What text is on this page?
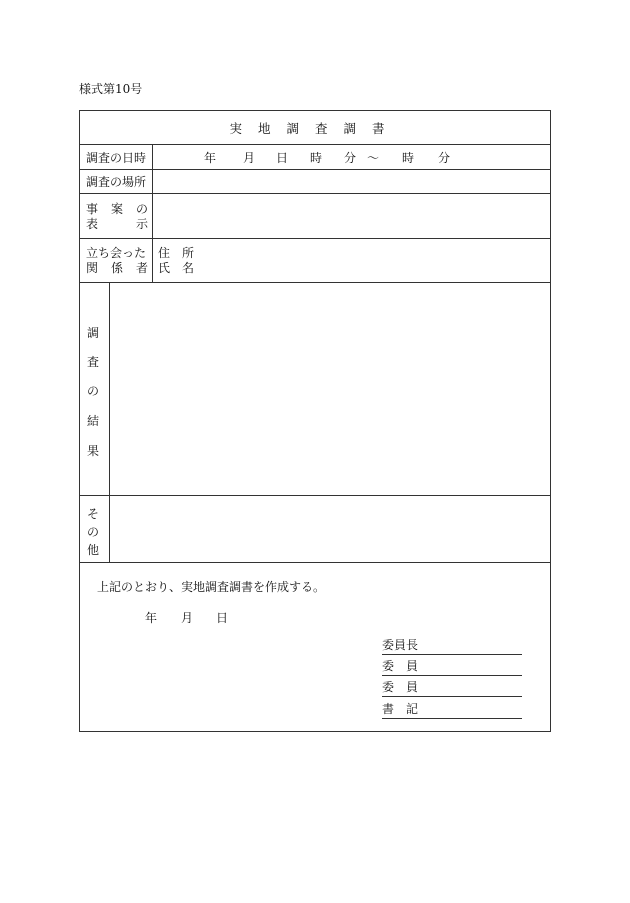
様式第10号
実地調査調書
調査の日時	年 月 日 時 分 ～ 時 分
調査の場所
事 案 の
表	示
立ち会った
関 係 者
住　所
氏　名
調
査
の
結
果
そ
の
他
上記のとおり、実地調査調書を作成する。
年 月 日
委員長
委　員
委　員
書　記
